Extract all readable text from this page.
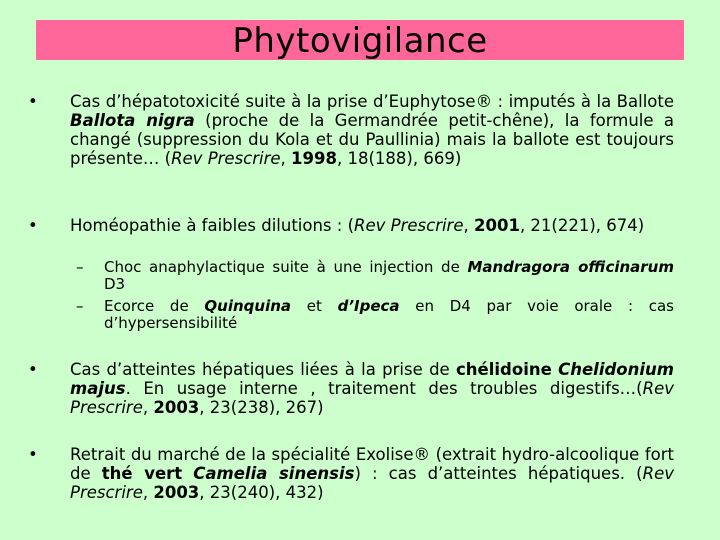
Phytovigilance
•	Cas d’hépatotoxicité suite à la prise d’Euphytose® : imputés à la Ballote Ballota nigra (proche de la Germandrée petit-chêne), la formule a changé (suppression du Kola et du Paullinia) mais la ballote est toujours présente… (Rev Prescrire, 1998, 18(188), 669)
•	Homéopathie à faibles dilutions : (Rev Prescrire, 2001, 21(221), 674)
– Choc anaphylactique suite à une injection de Mandragora officinarum D3
– Ecorce de Quinquina et d’Ipeca en D4 par voie orale : cas d’hypersensibilité
•	Cas d’atteintes hépatiques liées à la prise de chélidoine Chelidonium majus. En usage interne , traitement des troubles digestifs…(Rev Prescrire, 2003, 23(238), 267)
•	Retrait du marché de la spécialité Exolise® (extrait hydro-alcoolique fort de thé vert Camelia sinensis) : cas d’atteintes hépatiques. (Rev Prescrire, 2003, 23(240), 432)
